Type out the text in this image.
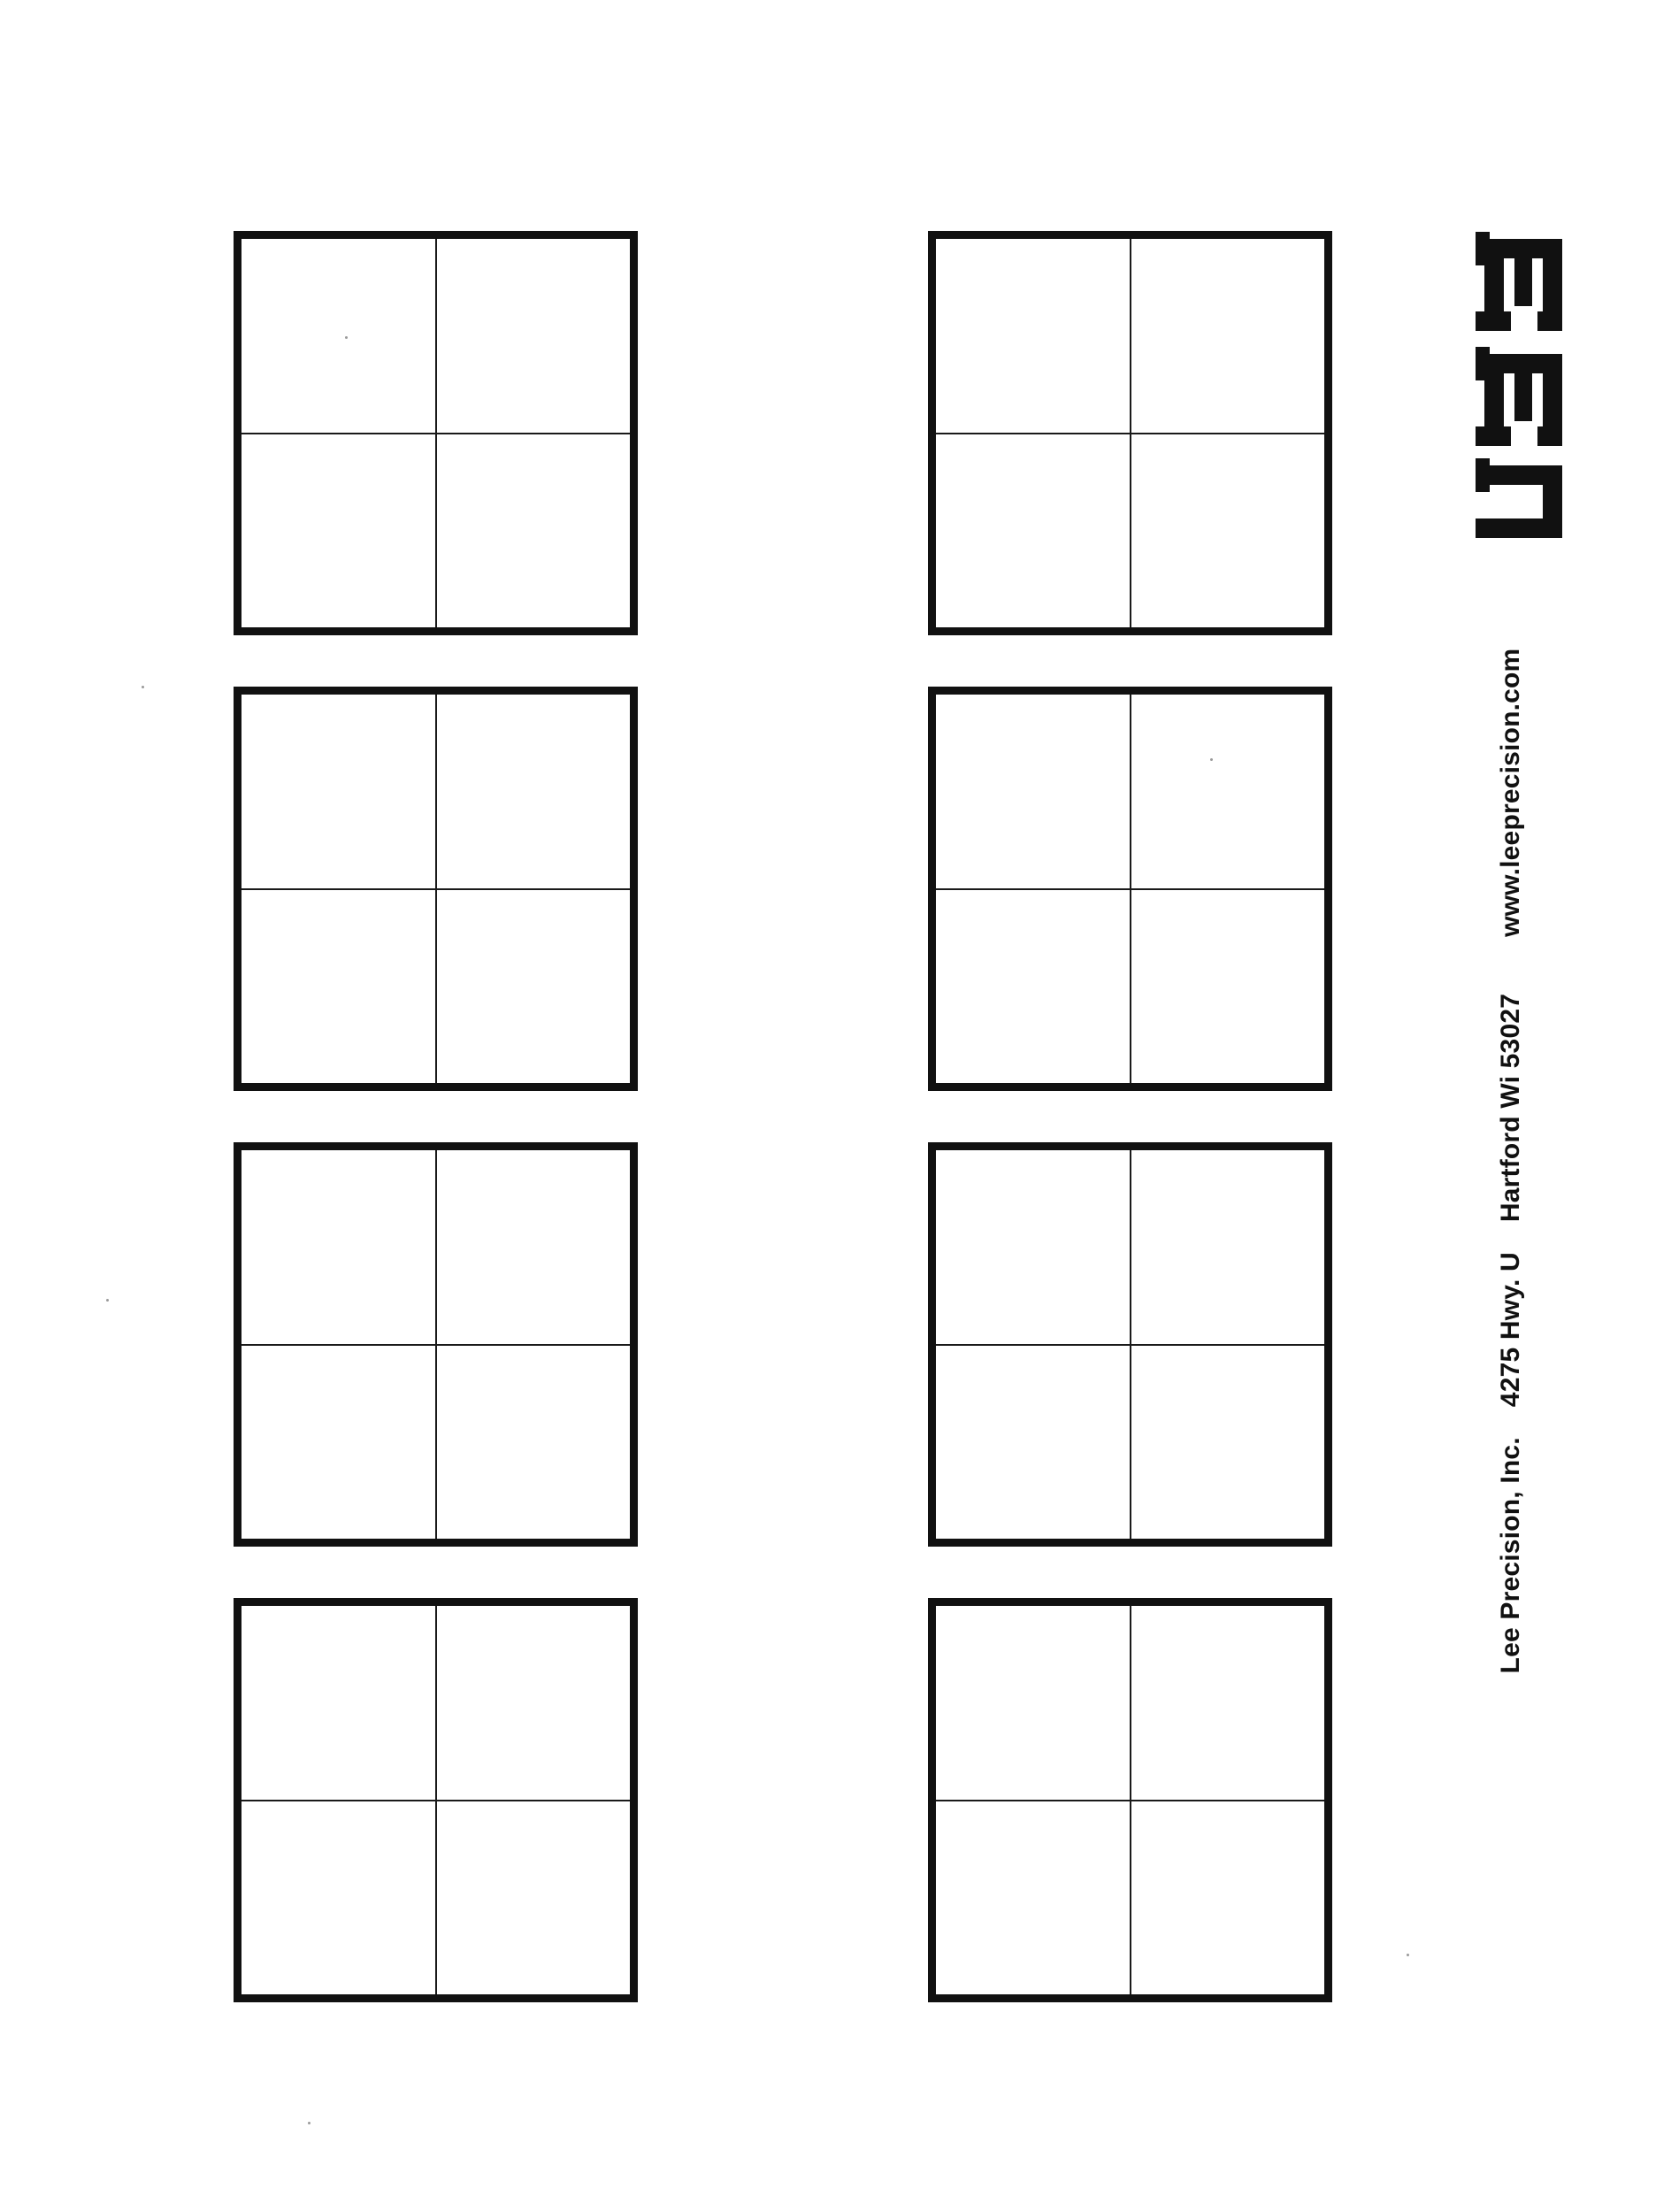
Lee Precision, Inc.4275 Hwy. UHartford Wi 53027www.leeprecision.com
